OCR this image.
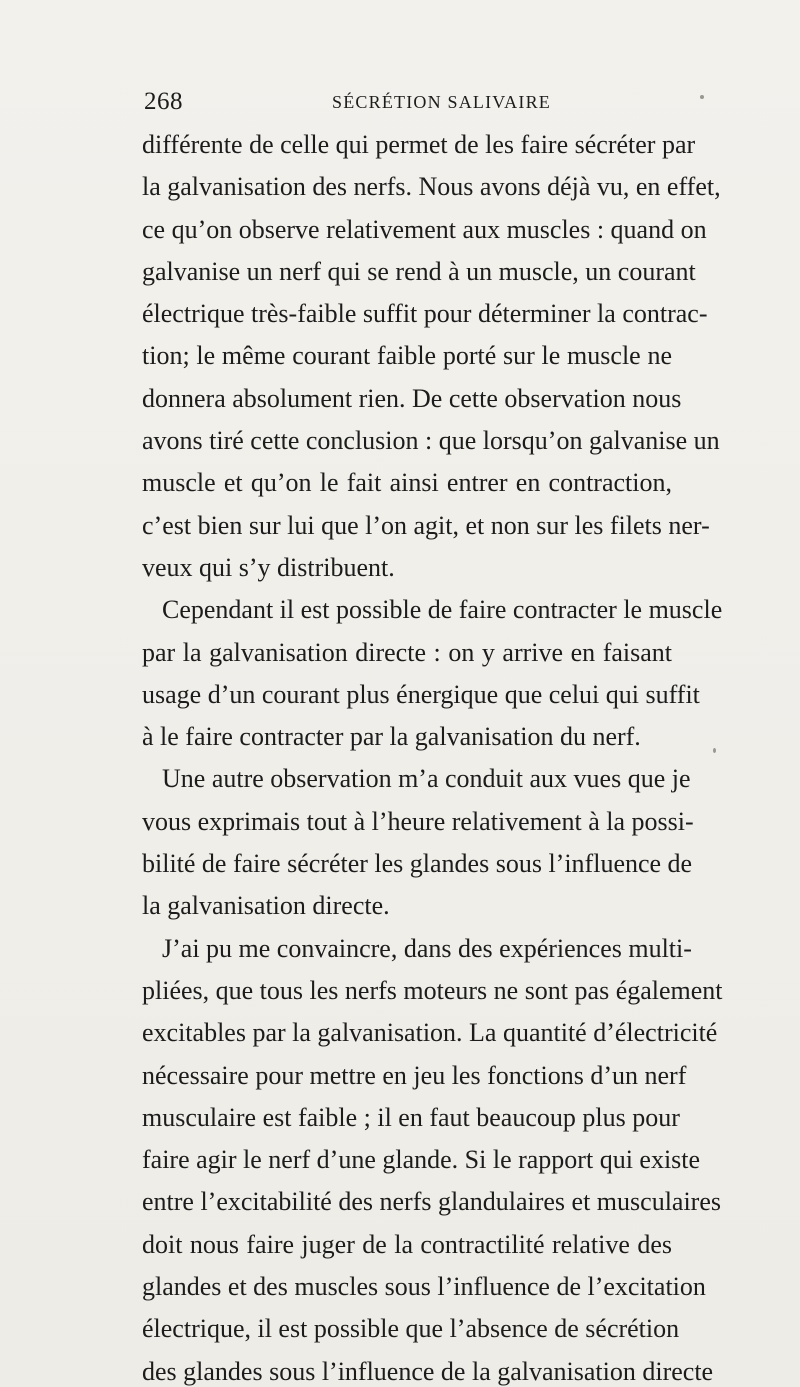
268	SÉCRÉTION SALIVAIRE
différente de celle qui permet de les faire sécréter par
la galvanisation des nerfs. Nous avons déjà vu, en effet,
ce qu’on observe relativement aux muscles : quand on
galvanise un nerf qui se rend à un muscle, un courant
électrique très-faible suffit pour déterminer la contrac-
tion; le même courant faible porté sur le muscle ne
donnera absolument rien. De cette observation nous
avons tiré cette conclusion : que lorsqu’on galvanise un
muscle et qu’on le fait ainsi entrer en contraction,
c’est bien sur lui que l’on agit, et non sur les filets ner-
veux qui s’y distribuent.
Cependant il est possible de faire contracter le muscle
par la galvanisation directe : on y arrive en faisant
usage d’un courant plus énergique que celui qui suffit
à le faire contracter par la galvanisation du nerf.
Une autre observation m’a conduit aux vues que je
vous exprimais tout à l’heure relativement à la possi-
bilité de faire sécréter les glandes sous l’influence de
la galvanisation directe.
J’ai pu me convaincre, dans des expériences multi-
pliées, que tous les nerfs moteurs ne sont pas également
excitables par la galvanisation. La quantité d’électricité
nécessaire pour mettre en jeu les fonctions d’un nerf
musculaire est faible ; il en faut beaucoup plus pour
faire agir le nerf d’une glande. Si le rapport qui existe
entre l’excitabilité des nerfs glandulaires et musculaires
doit nous faire juger de la contractilité relative des
glandes et des muscles sous l’influence de l’excitation
électrique, il est possible que l’absence de sécrétion
des glandes sous l’influence de la galvanisation directe
